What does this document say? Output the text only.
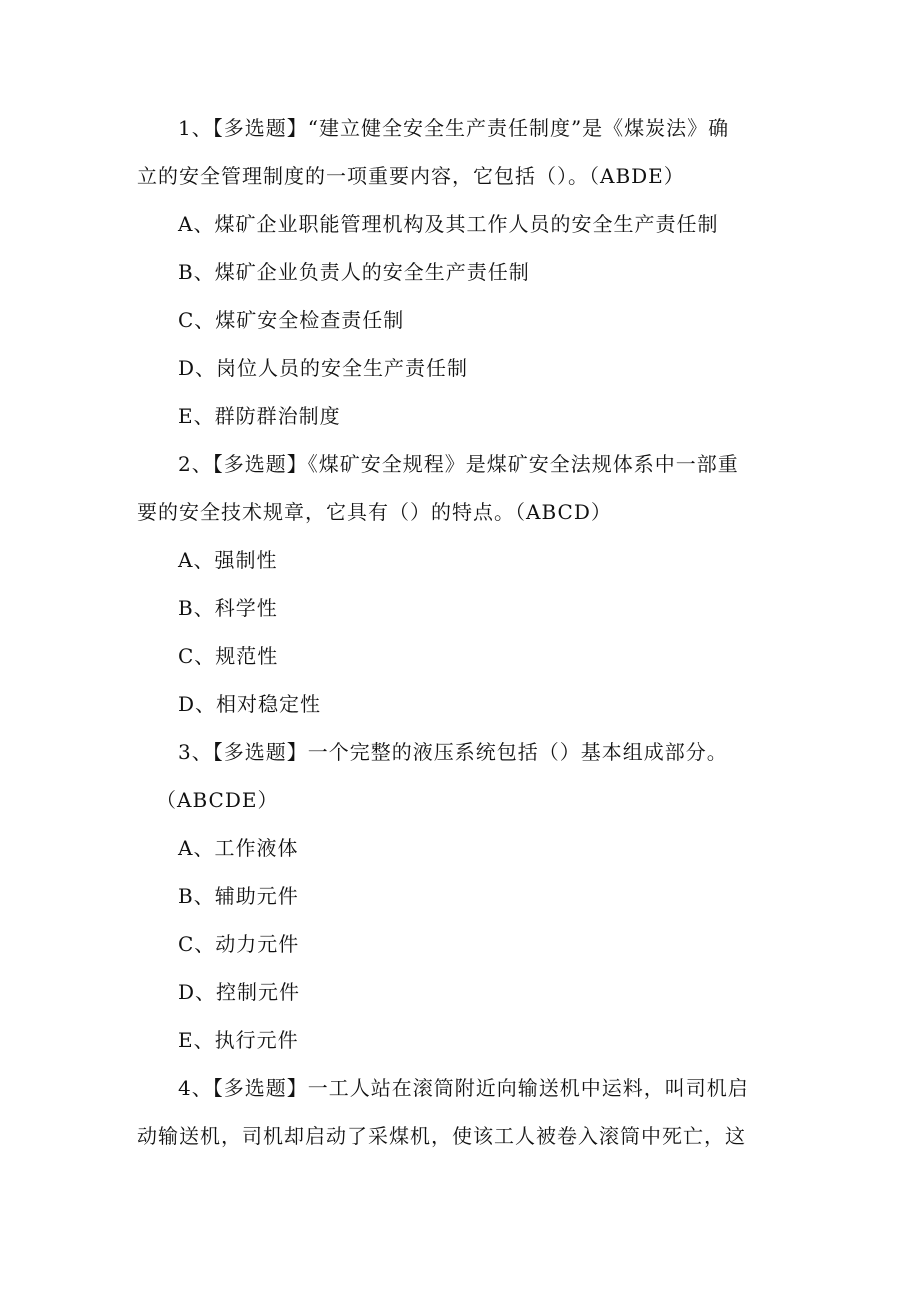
1、【多选题】“建立健全安全生产责任制度”是《煤炭法》确
立的安全管理制度的一项重要内容，它包括（）。（ABDE）
A、煤矿企业职能管理机构及其工作人员的安全生产责任制
B、煤矿企业负责人的安全生产责任制
C、煤矿安全检查责任制
D、岗位人员的安全生产责任制
E、群防群治制度
2、【多选题】《煤矿安全规程》是煤矿安全法规体系中一部重
要的安全技术规章，它具有（）的特点。（ABCD）
A、强制性
B、科学性
C、规范性
D、相对稳定性
3、【多选题】一个完整的液压系统包括（）基本组成部分。
（ABCDE）
A、工作液体
B、辅助元件
C、动力元件
D、控制元件
E、执行元件
4、【多选题】一工人站在滚筒附近向输送机中运料，叫司机启
动输送机，司机却启动了采煤机，使该工人被卷入滚筒中死亡，这
